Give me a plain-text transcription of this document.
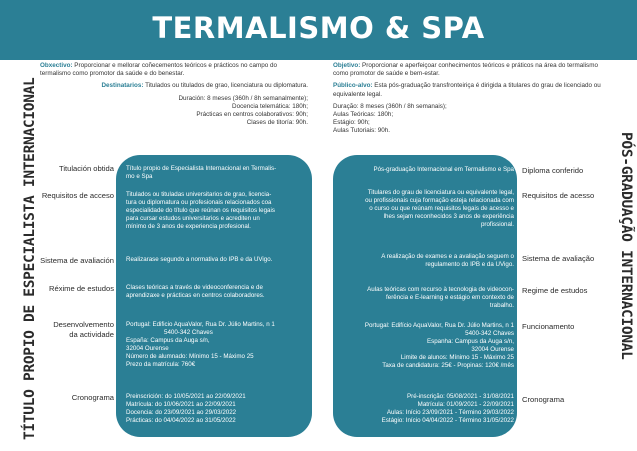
TERMALISMO & SPA
TÍTULO PROPIO DE ESPECIALISTA INTERNACIONAL	PÓS-GRADUAÇÃO INTERNACIONAL

Obxectivo: Proporcionar e mellorar coñecementos teóricos e prácticos no campo do termalismo como promotor da saúde e do benestar.

Destinatarios: Titulados ou titulados de grao, licenciatura ou diplomatura.

Duración: 8 meses (360h / 8h semanalmente);
Docencia telemática: 180h;
Prácticas en centros colaborativos: 90h;
Clases de titoría: 90h.

Objetivo: Proporcionar e aperfeiçoar conhecimentos teóricos e práticos na área do termalismo como promotor de saúde e bem-estar.

Público-alvo: Esta pós-graduação transfronteiriça é dirigida a titulares do grau de licenciado ou equivalente legal.

Duração: 8 meses (360h / 8h semanais);
Aulas Teóricas: 180h;
Estágio: 90h;
Aulas Tutoriais: 90h.
Titulación obtida
Requisitos de acceso
Sistema de avaliación
Réxime de estudos
Desenvolvemento
da actividade
Cronograma
Diploma conferido
Requisitos de acesso
Sistema de avaliação
Regime de estudos
Funcionamento
Cronograma
Título propio de Especialista Internacional en Termalis-
mo e Spa
Titulados ou tituladas universitarios de grao, licencia-
tura ou diplomatura ou profesionais relacionados coa
especialidade do título que reúnan os requisitos legais
para cursar estudos universitarios e acrediten un
mínimo de 3 anos de experiencia profesional.
Realizarase segundo a normativa do IPB e da UVigo.
Clases teóricas a través de videoconferencia e de
aprendizaxe e prácticas en centros colaboradores.
Portugal: Edificio AquaValor, Rua Dr. Júlio Martins, n 1
5400-342 Chaves
España: Campus da Auga s/n,
32004 Ourense
Número de alumnado: Mínimo 15 - Máximo 25
Prezo da matrícula: 760€
Preinscrición: do 10/05/2021 ao 22/09/2021
Matrícula: do 10/06/2021 ao 22/09/2021
Docencia: do 23/09/2021 ao 29/03/2022
Prácticas: do 04/04/2022 ao 31/05/2022
Pós-graduação Internacional em Termalismo e Spa
Titulares do grau de licenciatura ou equivalente legal,
ou profissionais cuja formação esteja relacionada com
o curso ou que reúnam requisitos legais de acesso e
lhes sejam reconhecidos 3 anos de experiência
profissional.
A realização de exames e a avaliação seguem o
regulamento do IPB e da UVigo.
Aulas teóricas com recurso à tecnologia de videocon-
ferência e E-learning e estágio em contexto de
trabalho.
Portugal: Edifício AquaValor, Rua Dr. Júlio Martins, n 1
5400-342 Chaves
Espanha: Campus da Auga s/n,
32004 Ourense
Limite de alunos: Mínimo 15 - Máximo 25
Taxa de candidatura: 25€ - Propinas: 120€ /mês
Pré-inscrição: 05/08/2021 - 31/08/2021
Matrícula: 01/09/2021 - 22/09/2021
Aulas: Início 23/09/2021 - Término 29/03/2022
Estágio: Início 04/04/2022 - Término 31/05/2022
